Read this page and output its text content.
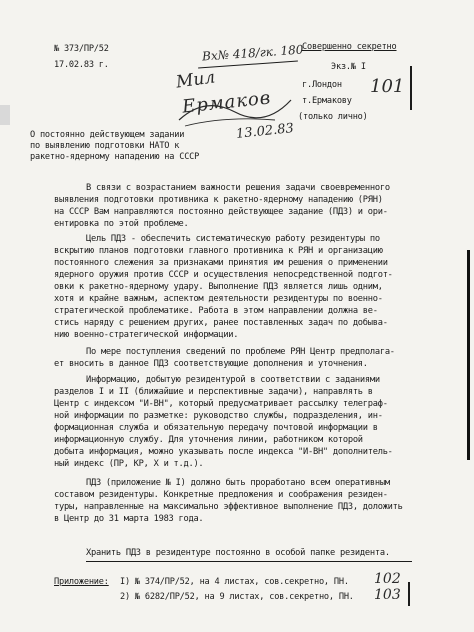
№ 373/ПР/52
17.02.83 г.
Вх№ 418/гк. 180
Совершенно секретно
Экз.№ I
101
г.Лондон
т.Ермакову
(только лично)
Мил
Ермаков
13.02.83
О постоянно действующем задании
по выявлению подготовки НАТО к
ракетно-ядерному нападению на СССР
В связи с возрастанием важности решения задачи своевременного
выявления подготовки противника к ракетно-ядерному нападению (РЯН)
на СССР Вам направляются постоянно действующее задание (ПДЗ) и ори-
ентировка по этой проблеме.
Цель ПДЗ - обеспечить систематическую работу резидентуры по
вскрытию планов подготовки главного противника к РЯН и организацию
постоянного слежения за признаками принятия им решения о применении
ядерного оружия против СССР и осуществления непосредственной подгот-
овки к ракетно-ядерному удару. Выполнение ПДЗ является лишь одним,
хотя и крайне важным, аспектом деятельности резидентуры по военно-
стратегической проблематике. Работа в этом направлении должна ве-
стись наряду с решением других, ранее поставленных задач по добыва-
нию военно-стратегической информации.
По мере поступления сведений по проблеме РЯН Центр предполага-
ет вносить в данное ПДЗ соответствующие дополнения и уточнения.
Информацию, добытую резидентурой в соответствии с заданиями
разделов I и II (ближайшие и перспективные задачи), направлять в
Центр с индексом "И-ВН", который предусматривает рассылку телеграф-
ной информации по разметке: руководство службы, подразделения, ин-
формационная служба и обязательную передачу почтовой информации в
информационную службу. Для уточнения линии, работником которой
добыта информация, можно указывать после индекса "И-ВН" дополнитель-
ный индекс (ПР, КР, Х и т.д.).
ПДЗ (приложение № I) должно быть проработано всем оперативным
составом резидентуры. Конкретные предложения и соображения резиден-
туры, направленные на максимально эффективное выполнение ПДЗ, доложить
в Центр до 31 марта 1983 года.
Хранить ПДЗ в резидентуре постоянно в особой папке резидента.
Приложение: I) № 374/ПР/52, на 4 листах, сов.секретно, ПН.
2) № 6282/ПР/52, на 9 листах, сов.секретно, ПН.
102
103
